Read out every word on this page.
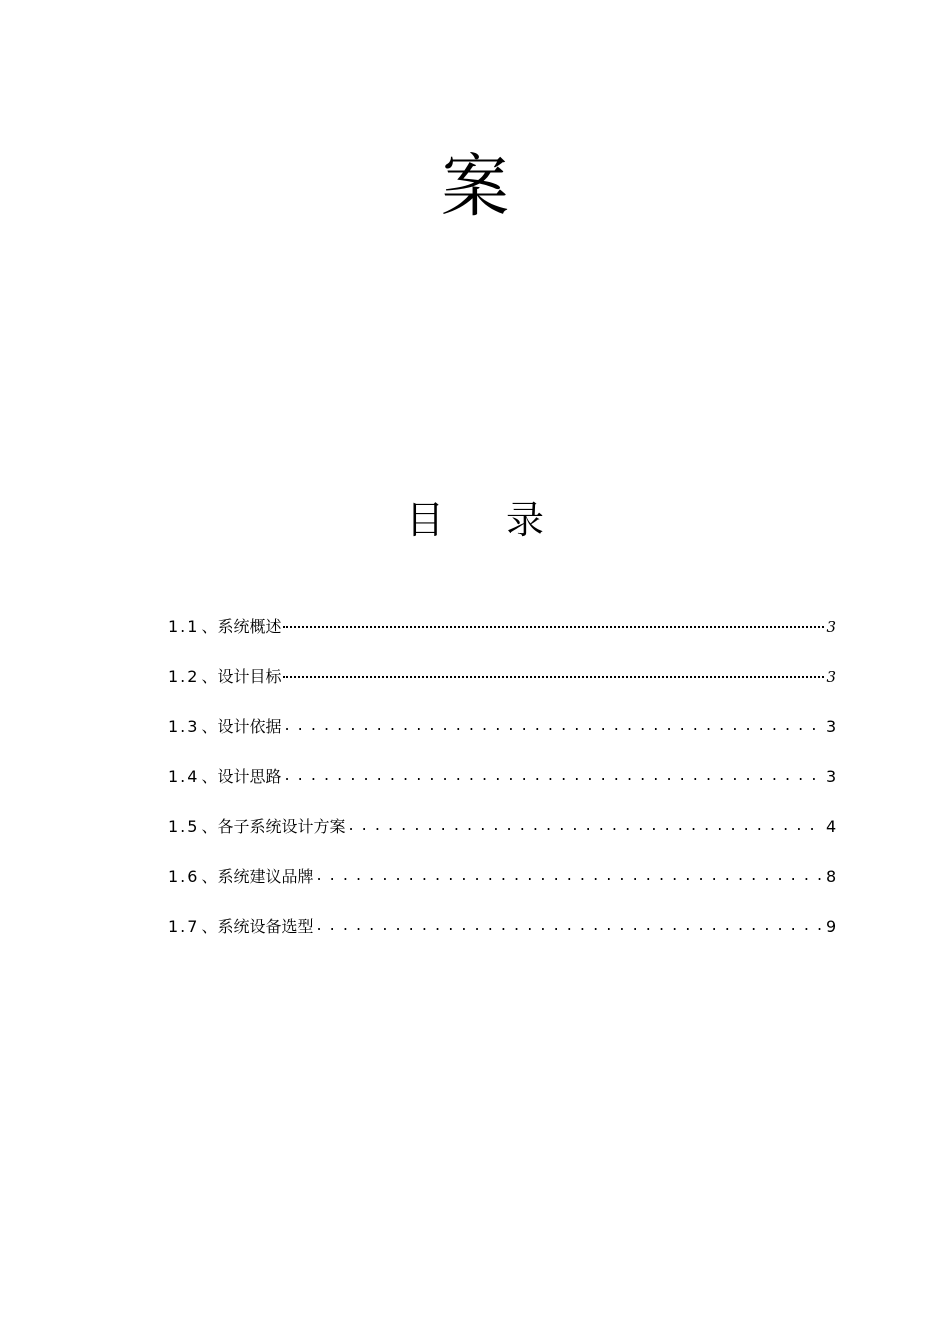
案
目 录
1.1 、系统概述	3
1.2 、设计目标	3
1.3 、设计依据 . . .	3
1.4 、设计思路 . . .	3
1.5 、各子系统设计方案 . . .	4
1.6 、系统建议品牌 . . .	8
1.7 、系统设备选型 . . .	9
